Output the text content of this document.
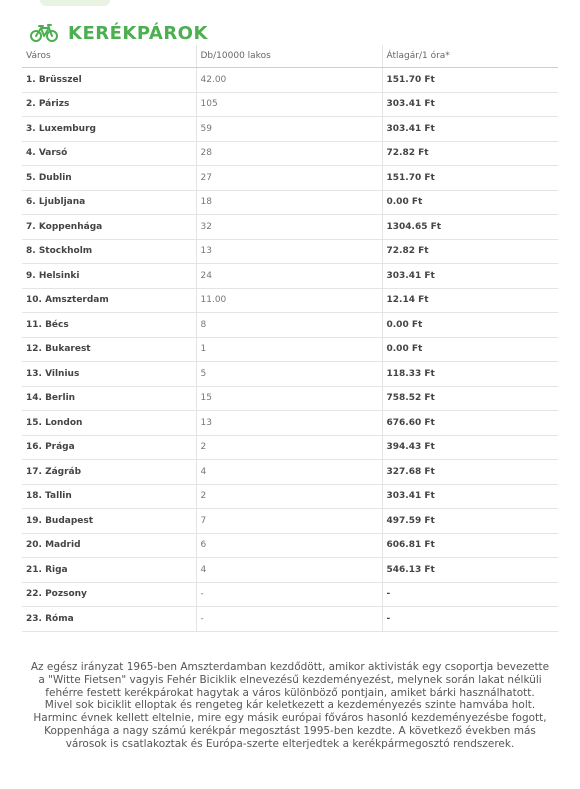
KERÉKPÁROK
Város	Db/10000 lakos	Átlagár/1 óra*
1. Brüsszel	42.00	151.70 Ft
2. Párizs	105	303.41 Ft
3. Luxemburg	59	303.41 Ft
4. Varsó	28	72.82 Ft
5. Dublin	27	151.70 Ft
6. Ljubljana	18	0.00 Ft
7. Koppenhága	32	1304.65 Ft
8. Stockholm	13	72.82 Ft
9. Helsinki	24	303.41 Ft
10. Amszterdam	11.00	12.14 Ft
11. Bécs	8	0.00 Ft
12. Bukarest	1	0.00 Ft
13. Vilnius	5	118.33 Ft
14. Berlin	15	758.52 Ft
15. London	13	676.60 Ft
16. Prága	2	394.43 Ft
17. Zágráb	4	327.68 Ft
18. Tallin	2	303.41 Ft
19. Budapest	7	497.59 Ft
20. Madrid	6	606.81 Ft
21. Riga	4	546.13 Ft
22. Pozsony	-	-
23. Róma	-	-
Az egész irányzat 1965-ben Amszterdamban kezdődött, amikor aktivisták egy csoportja bevezette a "Witte Fietsen" vagyis Fehér Biciklik elnevezésű kezdeményezést, melynek során lakat nélküli fehérre festett kerékpárokat hagytak a város különböző pontjain, amiket bárki használhatott. Mivel sok biciklit elloptak és rengeteg kár keletkezett a kezdeményezés szinte hamvába holt. Harminc évnek kellett eltelnie, mire egy másik európai főváros hasonló kezdeményezésbe fogott, Koppenhága a nagy számú kerékpár megosztást 1995-ben kezdte. A következő években más városok is csatlakoztak és Európa-szerte elterjedtek a kerékpármegosztó rendszerek.
